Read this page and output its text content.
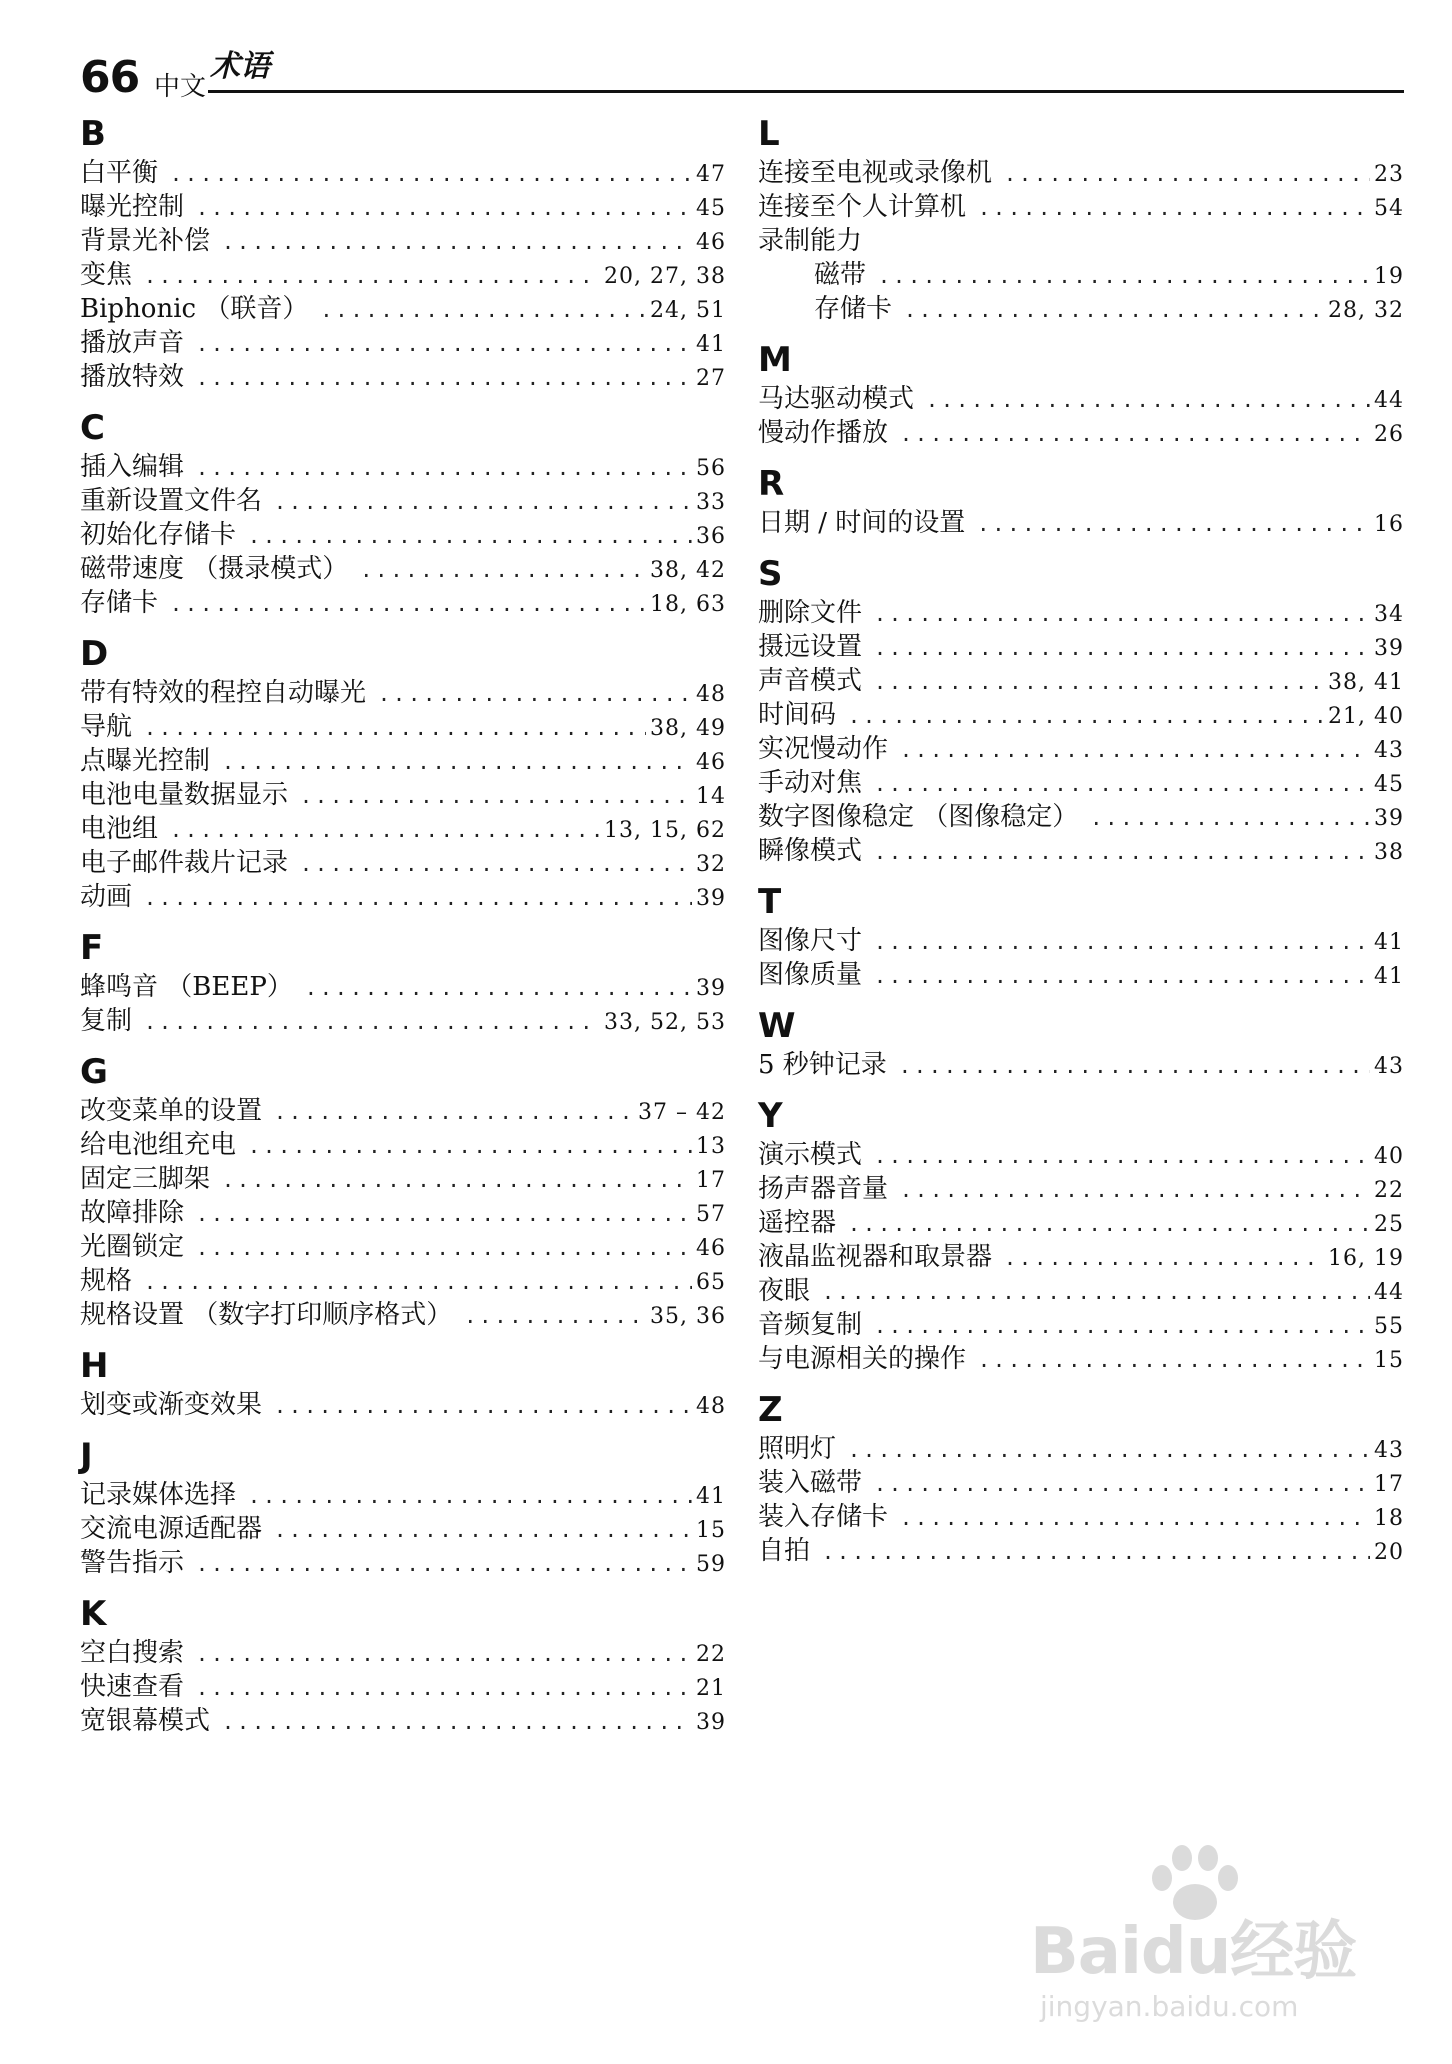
66 中文
术语
B
白平衡 .....	47
曝光控制 .....	45
背景光补偿 .....	46
变焦 .....	20, 27, 38
Biphonic （联音） .....	24, 51
播放声音 .....	41
播放特效 .....	27
C
插入编辑 .....	56
重新设置文件名 .....	33
初始化存储卡 .....	36
磁带速度 （摄录模式） .....	38, 42
存储卡 .....	18, 63
D
带有特效的程控自动曝光 .....	48
导航 .....	38, 49
点曝光控制 .....	46
电池电量数据显示 .....	14
电池组 .....	13, 15, 62
电子邮件裁片记录 .....	32
动画 .....	39
F
蜂鸣音 （BEEP） .....	39
复制 .....	33, 52, 53
G
改变菜单的设置 .....	37 – 42
给电池组充电 .....	13
固定三脚架 .....	17
故障排除 .....	57
光圈锁定 .....	46
规格 .....	65
规格设置 （数字打印顺序格式） .....	35, 36
H
划变或渐变效果 .....	48
J
记录媒体选择 .....	41
交流电源适配器 .....	15
警告指示 .....	59
K
空白搜索 .....	22
快速查看 .....	21
宽银幕模式 .....	39
L
连接至电视或录像机 .....	23
连接至个人计算机 .....	54
录制能力
磁带 .....	19
存储卡 .....	28, 32
M
马达驱动模式 .....	44
慢动作播放 .....	26
R
日期 / 时间的设置 .....	16
S
删除文件 .....	34
摄远设置 .....	39
声音模式 .....	38, 41
时间码 .....	21, 40
实况慢动作 .....	43
手动对焦 .....	45
数字图像稳定 （图像稳定） .....	39
瞬像模式 .....	38
T
图像尺寸 .....	41
图像质量 .....	41
W
5 秒钟记录 .....	43
Y
演示模式 .....	40
扬声器音量 .....	22
遥控器 .....	25
液晶监视器和取景器 .....	16, 19
夜眼 .....	44
音频复制 .....	55
与电源相关的操作 .....	15
Z
照明灯 .....	43
装入磁带 .....	17
装入存储卡 .....	18
自拍 .....	20
Baidu经验
jingyan.baidu.com
